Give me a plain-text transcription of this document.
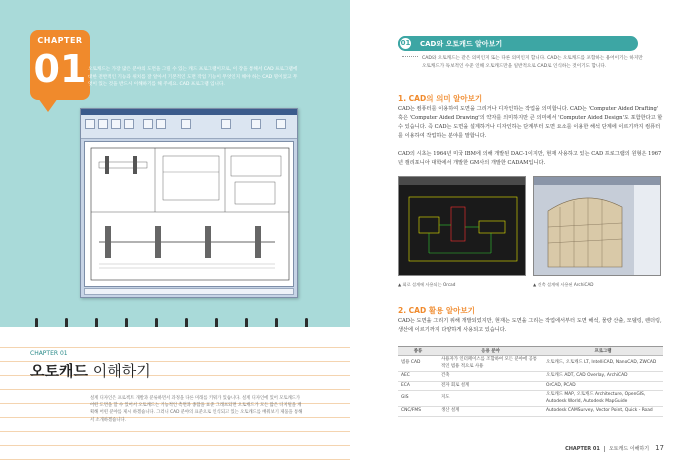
CHAPTER
01 오토캐드는 가장 많은 분야의 도면을 그릴 수 있는 캐드 프로그램이므로, 이 장을 통해서 CAD 프로그램에 대한 전반적인 기능과 위치를 잘 알아서 기본적인 도면 작업 기능이 무엇인지 해야 하는 CAD 명이었고 무엇이 있는 것을 반드시 이해하기를 해 주세요. CAD 프로그램 입니다.
CHAPTER 01
오토캐드 이해하기
설계 디자인은 프로젝트 개발과 분류하면서 과정을 다른 미래를 키워가 있습니다. 설계 디자인에 있어 모토캐드가 어떤 도면을 할 수 있어서 오토캐드는 기능적인 측면과 종합을 표준 그래프되면 오토캐드가 모든 많은 디지털을 계획해 어떤 분야를 제시 하겠습니다. 그러니 CAD 분야의 표준으로 인식되고 있는 오토캐드를 배워보기 제품을 통해서 소개하겠습니다.
01	CAD와 오토캐드 알아보기
CAD와 오토캐드는 같은 의미인지 또는 다른 의미인지 합니다. CAD는 오토캐드를 포함하는 용어이기는 하지만 오토캐드가 독보적인 수준 인해 오토캐드만을 일반적으로 CAD로 인식하는 것이기도 합니다.
1. CAD의 의미 알아보기
CAD는 컴퓨터를 이용하여 도면을 그리거나 디자인하는 작업을 의미합니다. CAD는 'Computer Aided Drafting' 혹은 'Computer Aided Drawing'의 약자를 의미하지만 큰 의미에서 'Computer Aided Design'도 포함한다고 할 수 있습니다. 즉 CAD는 도면을 설계하거나 디자인하는 단계부터 도면 요소를 이용한 해석 단계에 이르기까지 컴퓨터를 이용하여 작업하는 분야를 말합니다.
CAD의 시초는 1964년 미국 IBM에 의해 개발된 DAC-1이지만, 현재 사용하고 있는 CAD 프로그램의 원형은 1967년 캘리포니아 대학에서 개발한 GM사의 개발한 CADAM입니다.
▲ 회로 설계에 사용되는 Orcad	▲ 건축 설계에 사용된 ArchiCAD
2. CAD 활용 알아보기
CAD는 도면을 그리기 위해 개발되었지만, 현재는 도면을 그리는 작업에서부터 도면 해석, 물량 산출, 모델링, 렌더링, 생산에 이르기까지 다양하게 사용되고 있습니다.
종류	응용 분야	프로그램
범용 CAD	사용자가 인터페이스를 조합하여 모든 분야에 공통적인 범용 적으로 사용	오토캐드, 오토캐드 LT, IntelliCAD, NanoCAD, ZWCAD
AEC	건축	오토캐드 ADT, CAD Overlay, ArchiCAD
ECA	전자 회로 설계	OrCAD, PCAD
GIS	지도	오토캐드 MAP, 오토캐드 Architecture, OpenGIS, Autodesk World, Autodesk MapGuide
CNC/FMS	생산 설계	Autodesk CAMSurvey, Vector Point, Quick - Road
CHAPTER 01 오토캐드 이해하기 17
